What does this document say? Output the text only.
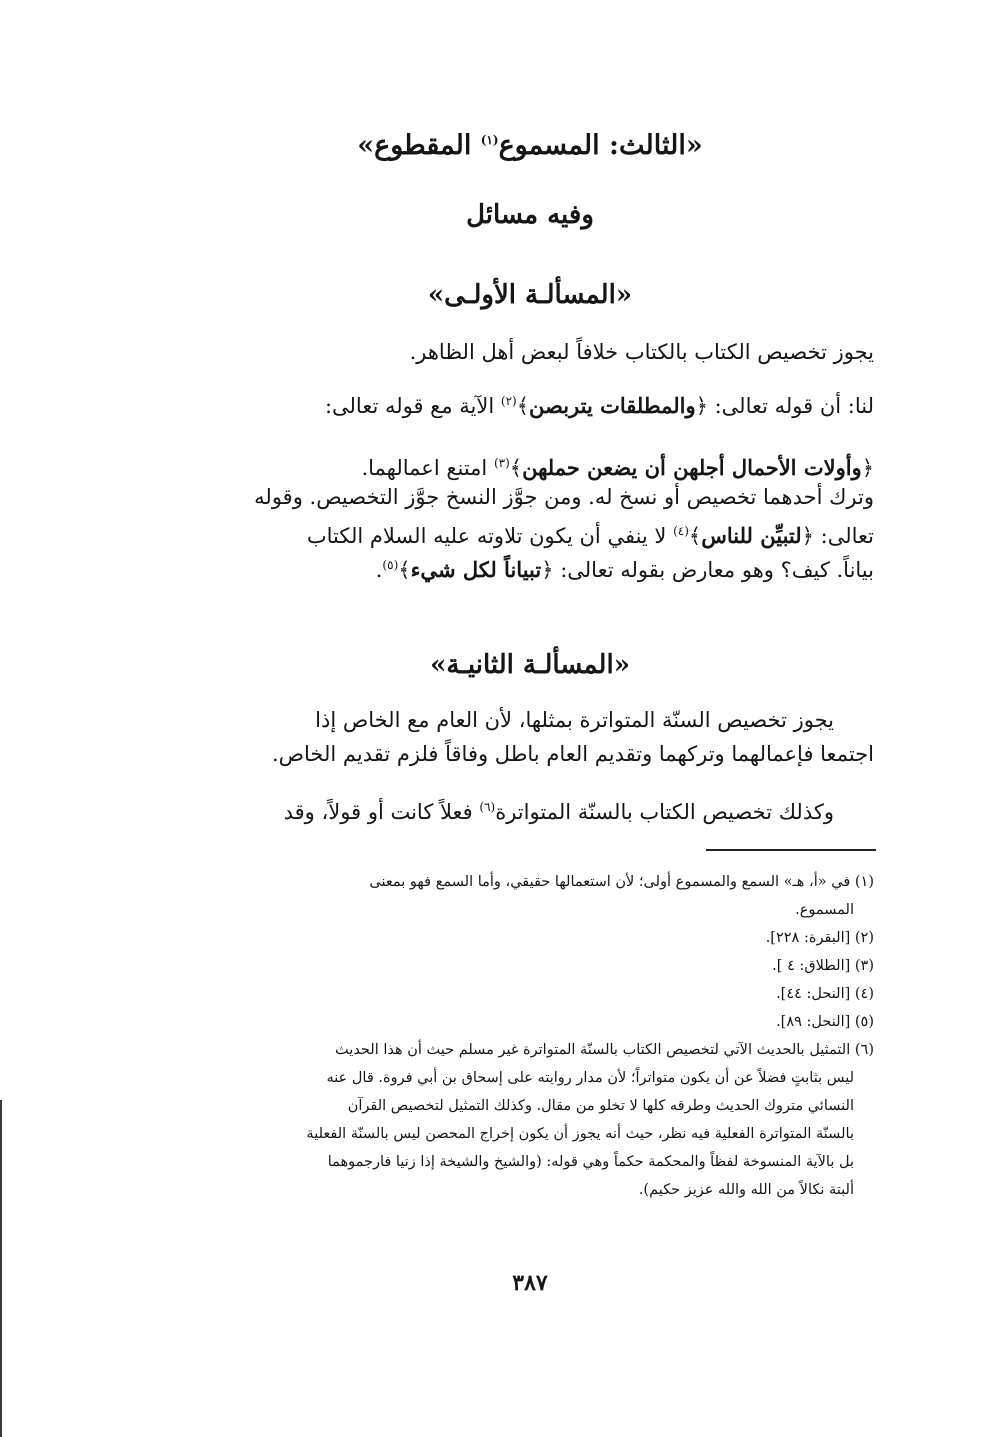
«الثالث: المسموع$^{(١)}$ المقطوع»
وفيه مسائل
«المسألـة الأولـى»
يجوز تخصيص الكتاب بالكتاب خلافاً لبعض أهل الظاهر.
لنا: أن قوله تعالى: ﴿والمطلقات يتربصن﴾$^{(٢)}$ الآية مع قوله تعالى:
﴿وأولات الأحمال أجلهن أن يضعن حملهن﴾$^{(٣)}$ امتنع اعمالهما.
وترك أحدهما تخصيص أو نسخ له. ومن جوَّز النسخ جوَّز التخصيص. وقوله
تعالى: ﴿لتبيِّن للناس﴾$^{(٤)}$ لا ينفي أن يكون تلاوته عليه السلام الكتاب
بياناً. كيف؟ وهو معارض بقوله تعالى: ﴿تبياناً لكل شيء﴾$^{(٥)}$.
«المسألـة الثانيـة»
يجوز تخصيص السنّة المتواترة بمثلها، لأن العام مع الخاص إذا
اجتمعا فإعمالهما وتركهما وتقديم العام باطل وفاقاً فلزم تقديم الخاص.
وكذلك تخصيص الكتاب بالسنّة المتواترة$^{(٦)}$ فعلاً كانت أو قولاً، وقد
(١) في «أ، هـ» السمع والمسموع أولى؛ لأن استعمالها حقيقي، وأما السمع فهو بمعنى
المسموع.
(٢) [البقرة: ٢٢٨].
(٣) [الطلاق: ٤ ].
(٤) [النحل: ٤٤].
(٥) [النحل: ٨٩].
(٦) التمثيل بالحديث الآتي لتخصيص الكتاب بالسنّة المتواترة غير مسلم حيث أن هذا الحديث
ليس بثابتٍ فضلاً عن أن يكون متواتراً؛ لأن مدار روايته على إسحاق بن أبي فروة. قال عنه
النسائي متروك الحديث وطرقه كلها لا تخلو من مقال. وكذلك التمثيل لتخصيص القرآن
بالسنّة المتواترة الفعلية فيه نظر، حيث أنه يجوز أن يكون إخراج المحصن ليس بالسنّة الفعلية
بل بالآية المنسوخة لفظاً والمحكمة حكماً وهي قوله: (والشيخ والشيخة إذا زنيا فارجموهما
ألبتة نكالاً من الله والله عزيز حكيم).
٣٨٧
